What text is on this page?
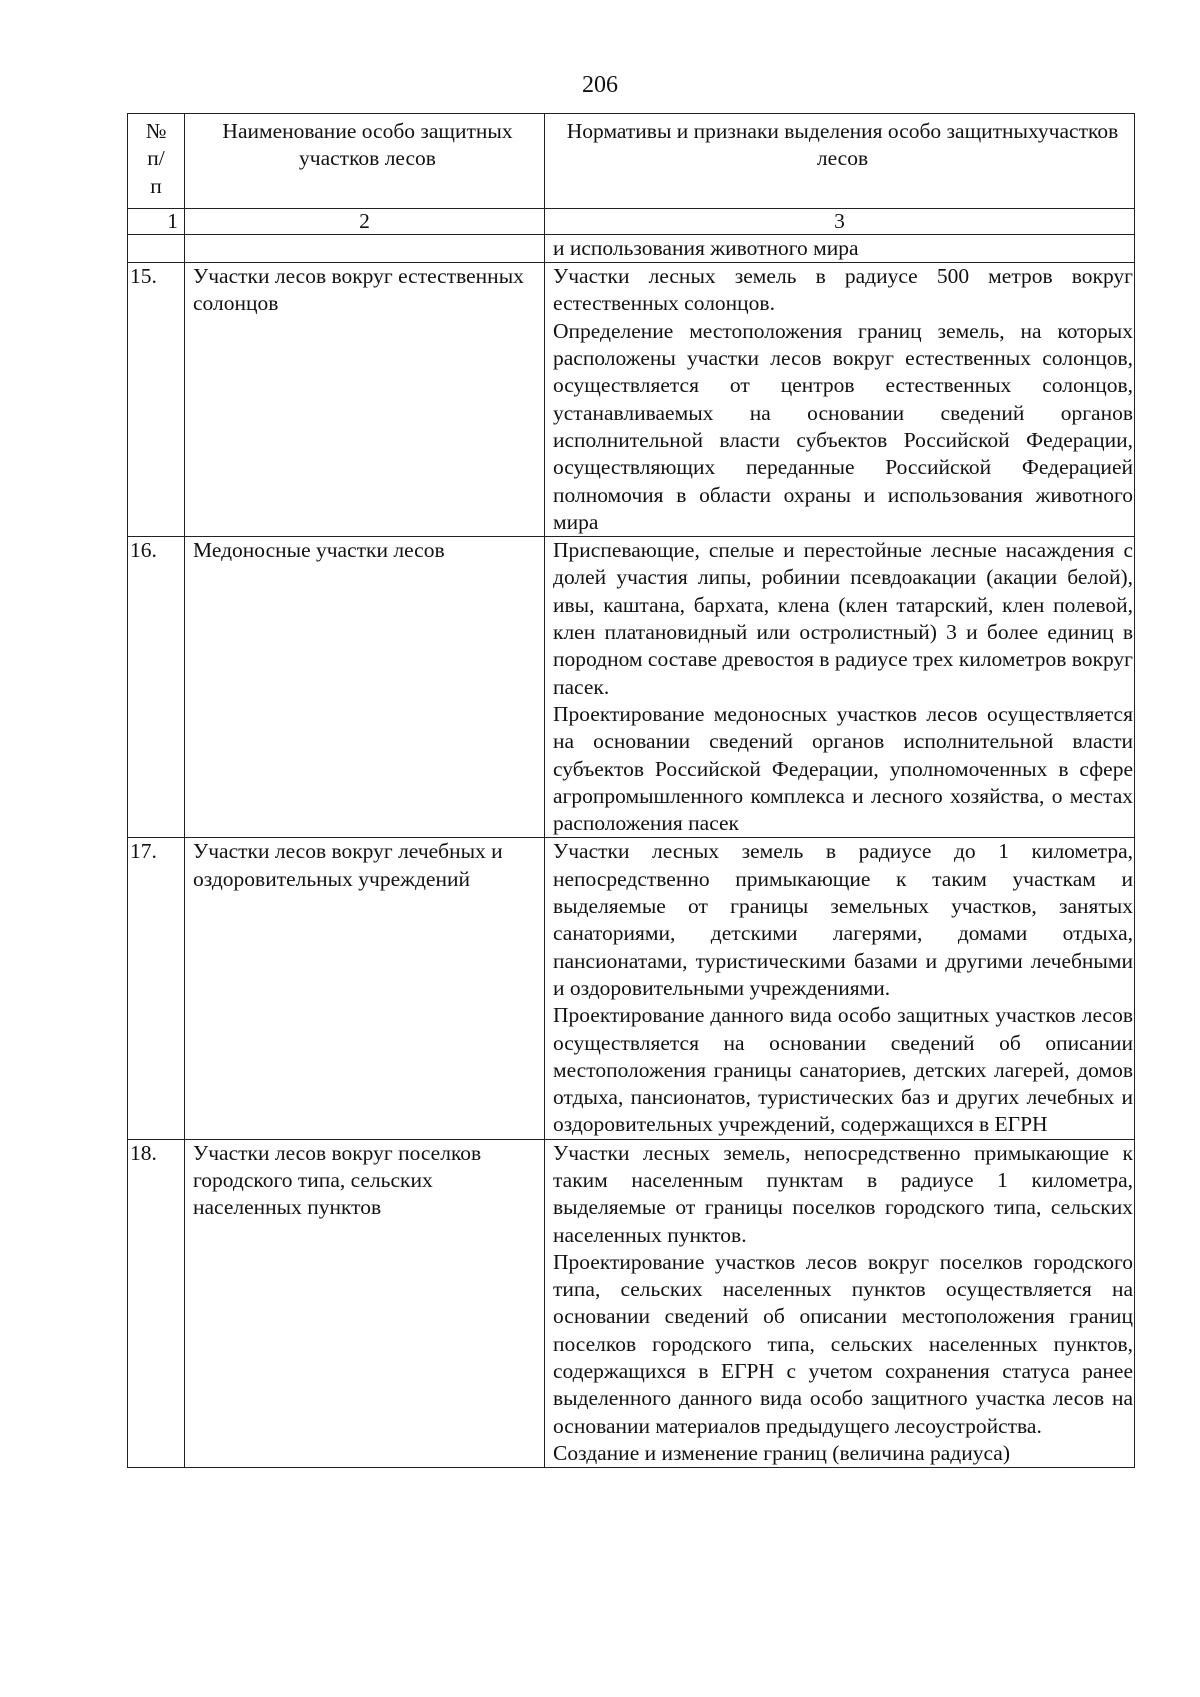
206
№
п/
п	Наименование особо защитных участков лесов	Нормативы и признаки выделения особо защитныхучастков лесов
1	2	3
		и использования животного мира
15.	Участки лесов вокруг естественных солонцов	Участки лесных земель в радиусе 500 метров вокруг естественных солонцов.
Определение местоположения границ земель, на которых расположены участки лесов вокруг естественных солонцов, осуществляется от центров естественных солонцов, устанавливаемых на основании сведений органов исполнительной власти субъектов Российской Федерации, осуществляющих переданные Российской Федерацией полномочия в области охраны и использования животного мира

16.	Медоносные участки лесов	Приспевающие, спелые и перестойные лесные насаждения с долей участия липы, робинии псевдоакации (акации белой), ивы, каштана, бархата, клена (клен татарский, клен полевой, клен платановидный или остролистный) 3 и более единиц в породном составе древостоя в радиусе трех километров вокруг пасек.
Проектирование медоносных участков лесов осуществляется на основании сведений органов исполнительной власти субъектов Российской Федерации, уполномоченных в сфере агропромышленного комплекса и лесного хозяйства, о местах расположения пасек

17.	Участки лесов вокруг лечебных и оздоровительных учреждений	Участки лесных земель в радиусе до 1 километра, непосредственно примыкающие к таким участкам и выделяемые от границы земельных участков, занятых санаториями, детскими лагерями, домами отдыха, пансионатами, туристическими базами и другими лечебными и оздоровительными учреждениями.
Проектирование данного вида особо защитных участков лесов осуществляется на основании сведений об описании местоположения границы санаториев, детских лагерей, домов отдыха, пансионатов, туристических баз и других лечебных и оздоровительных учреждений, содержащихся в ЕГРН

18.	Участки лесов вокруг поселков городского типа, сельских населенных пунктов	Участки лесных земель, непосредственно примыкающие к таким населенным пунктам в радиусе 1 километра, выделяемые от границы поселков городского типа, сельских населенных пунктов.
Проектирование участков лесов вокруг поселков городского типа, сельских населенных пунктов осуществляется на основании сведений об описании местоположения границ поселков городского типа, сельских населенных пунктов, содержащихся в ЕГРН с учетом сохранения статуса ранее выделенного данного вида особо защитного участка лесов на основании материалов предыдущего лесоустройства.
Создание и изменение границ (величина радиуса)
